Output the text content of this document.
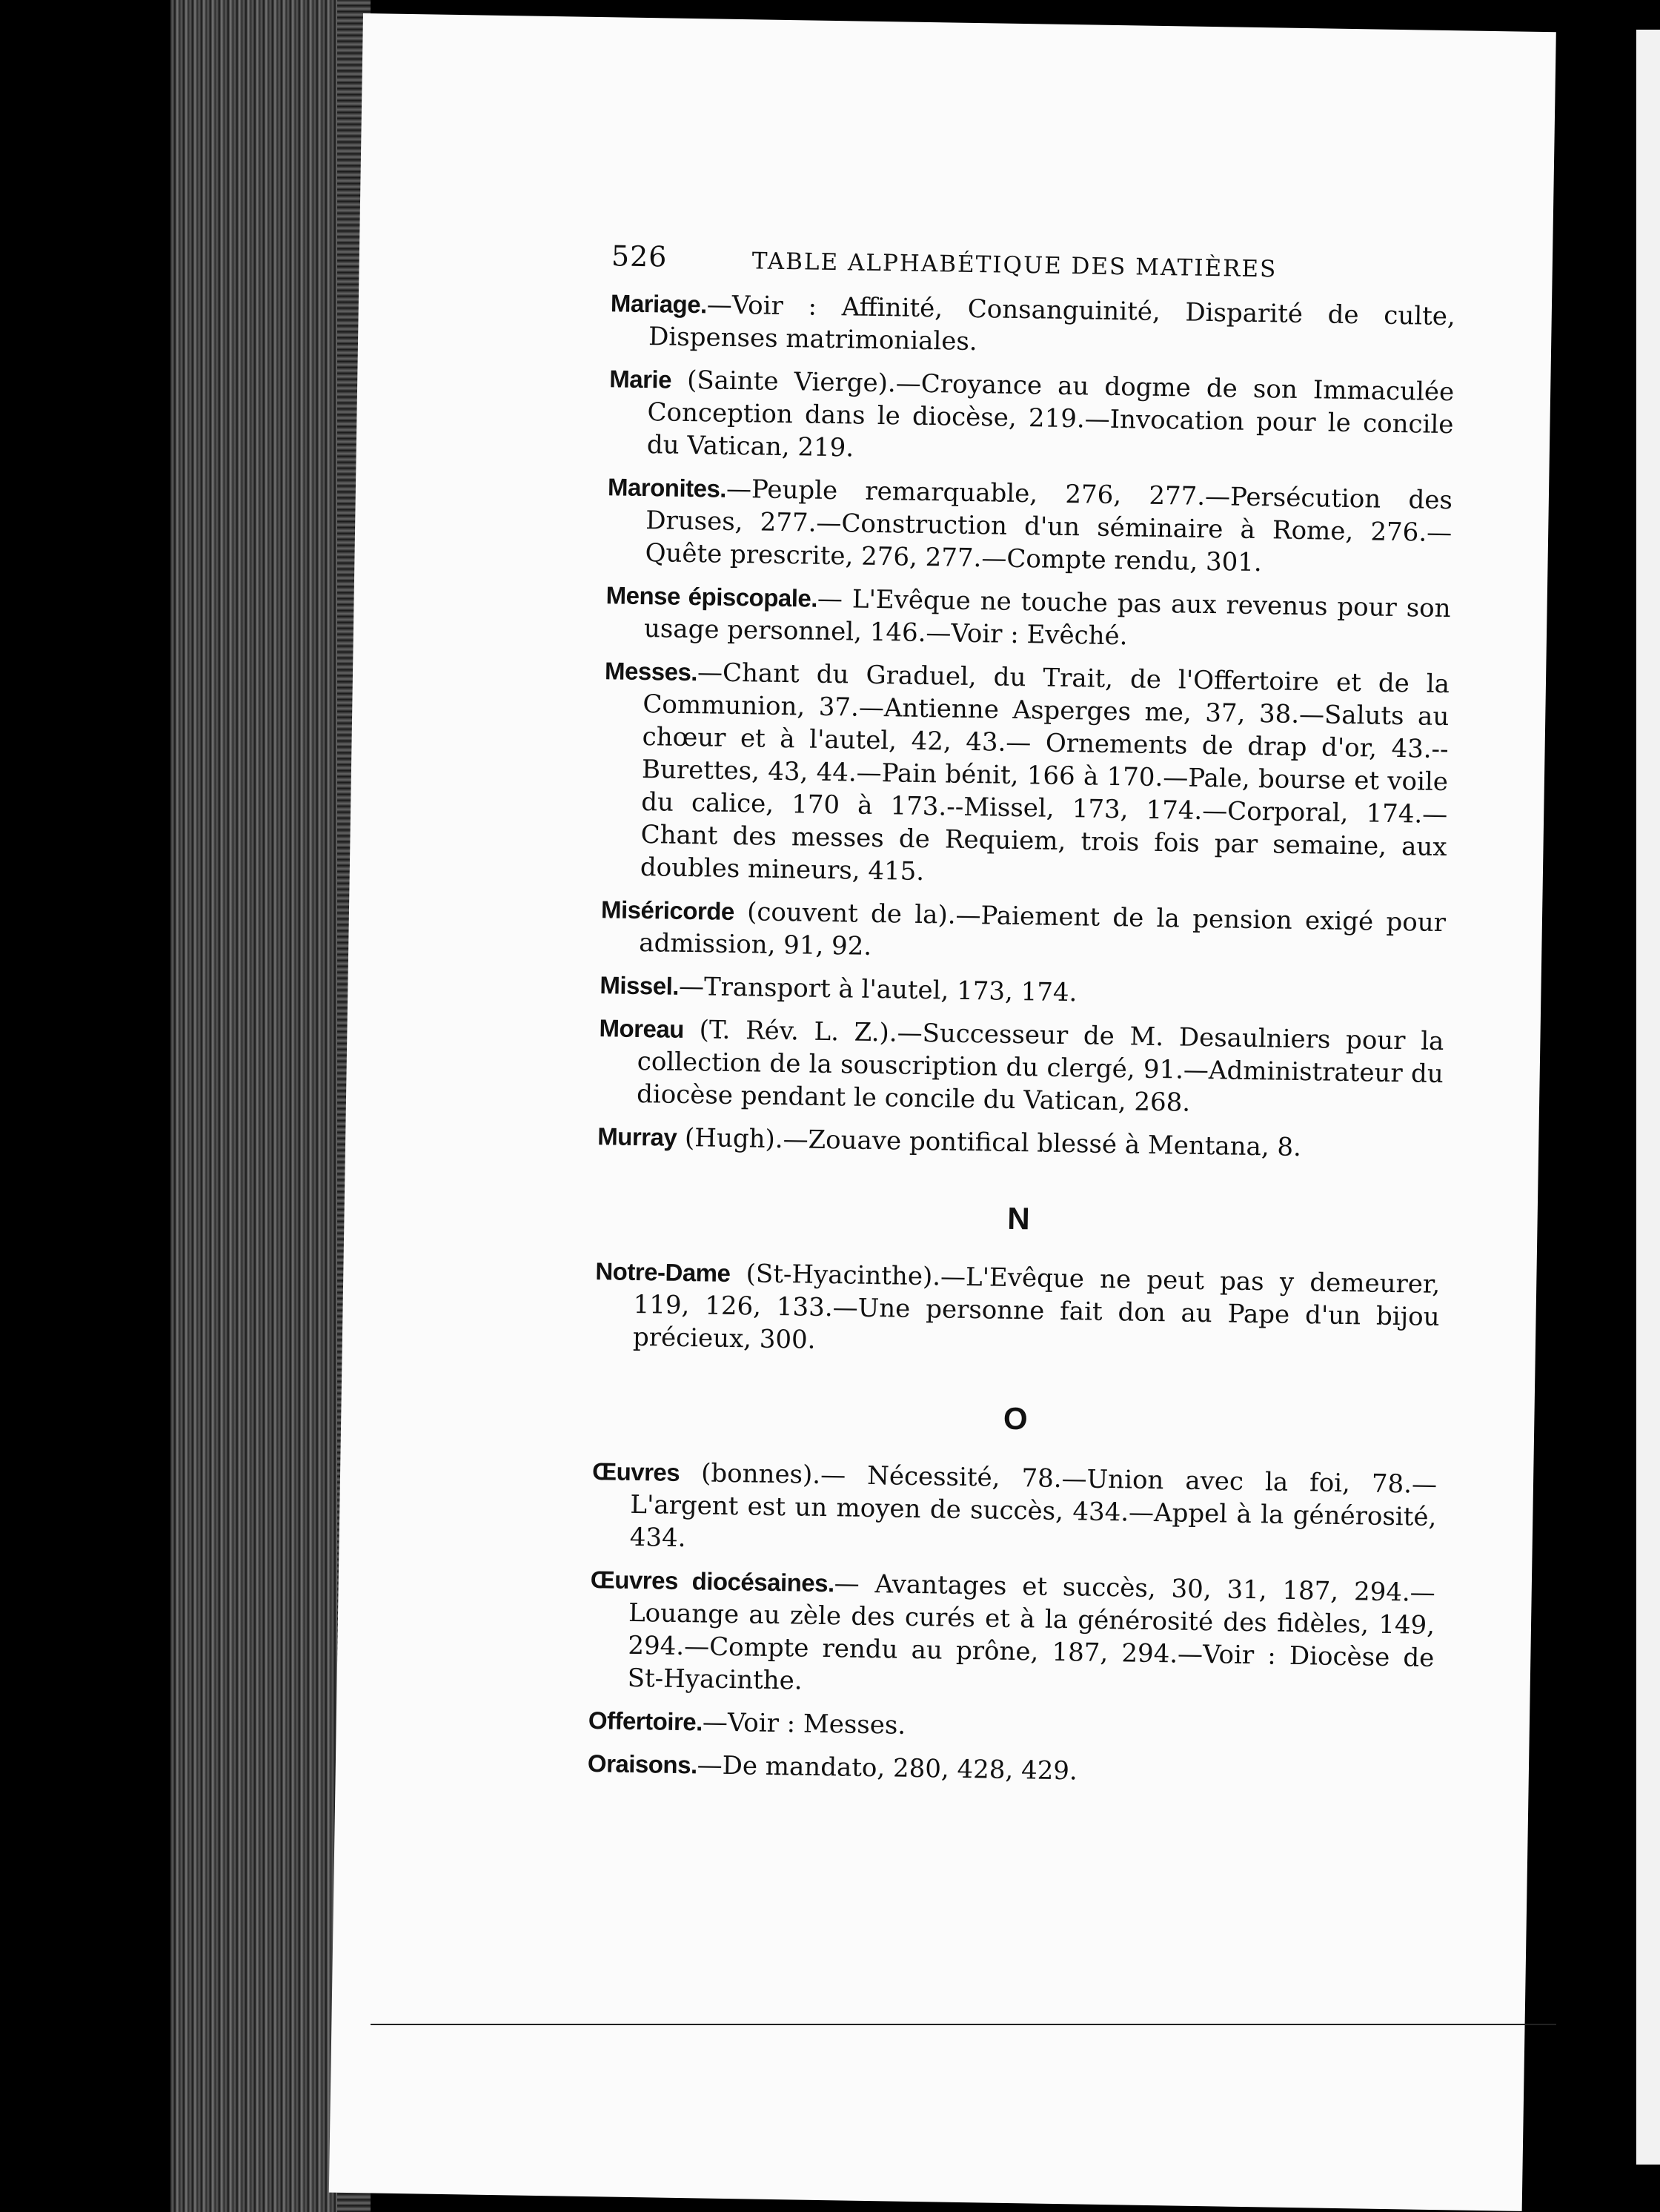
526	TABLE ALPHABÉTIQUE DES MATIÈRES

Mariage.—Voir : Affinité, Consanguinité, Disparité de culte, Dispenses matrimoniales.

Marie (Sainte Vierge).—Croyance au dogme de son Immaculée Conception dans le diocèse, 219.—Invocation pour le concile du Vatican, 219.

Maronites.—Peuple remarquable, 276, 277.—Persécution des Druses, 277.—Construction d'un séminaire à Rome, 276.— Quête prescrite, 276, 277.—Compte rendu, 301.

Mense épiscopale.— L'Evêque ne touche pas aux revenus pour son usage personnel, 146.—Voir : Evêché.

Messes.—Chant du Graduel, du Trait, de l'Offertoire et de la Communion, 37.—Antienne Asperges me, 37, 38.—Saluts au chœur et à l'autel, 42, 43.— Ornements de drap d'or, 43.-- Burettes, 43, 44.—Pain bénit, 166 à 170.—Pale, bourse et voile du calice, 170 à 173.--Missel, 173, 174.—Corporal, 174.—Chant des messes de Requiem, trois fois par semaine, aux doubles mineurs, 415.

Miséricorde (couvent de la).—Paiement de la pension exigé pour admission, 91, 92.

Missel.—Transport à l'autel, 173, 174.

Moreau (T. Rév. L. Z.).—Successeur de M. Desaulniers pour la collection de la souscription du clergé, 91.—Administrateur du diocèse pendant le concile du Vatican, 268.

Murray (Hugh).—Zouave pontifical blessé à Mentana, 8.

N

Notre-Dame (St-Hyacinthe).—L'Evêque ne peut pas y demeurer, 119, 126, 133.—Une personne fait don au Pape d'un bijou précieux, 300.

O

Œuvres (bonnes).— Nécessité, 78.—Union avec la foi, 78.—L'argent est un moyen de succès, 434.—Appel à la générosité, 434.

Œuvres diocésaines.— Avantages et succès, 30, 31, 187, 294.—Louange au zèle des curés et à la générosité des fidèles, 149, 294.—Compte rendu au prône, 187, 294.—Voir : Diocèse de St-Hyacinthe.

Offertoire.—Voir : Messes.

Oraisons.—De mandato, 280, 428, 429.
